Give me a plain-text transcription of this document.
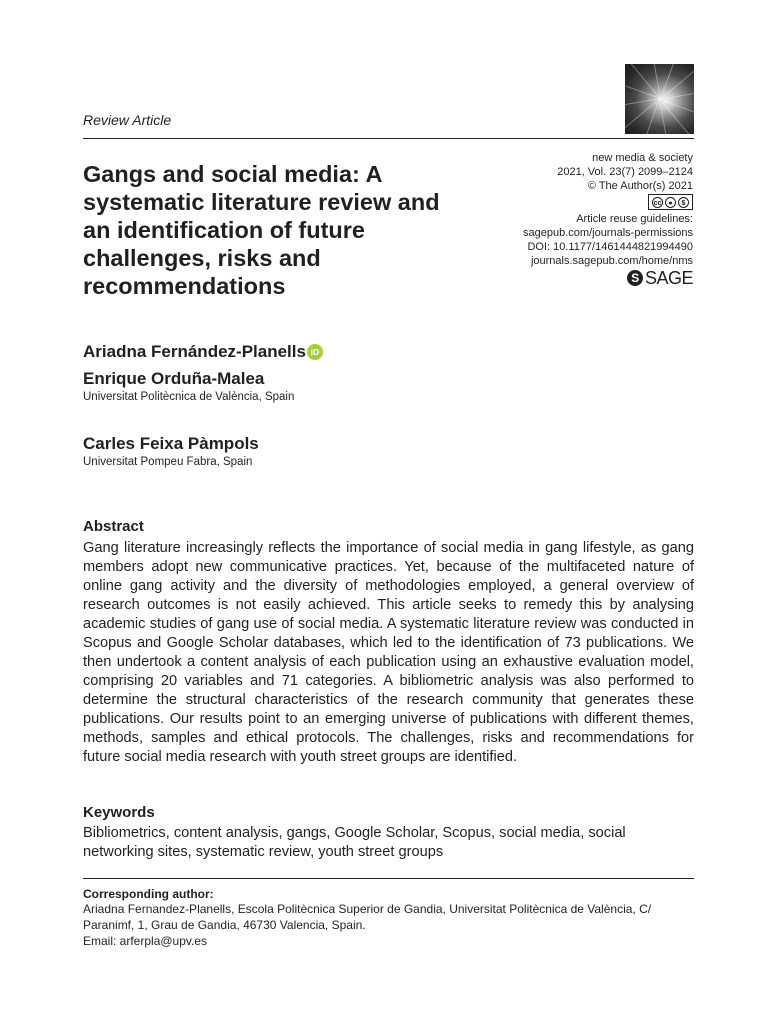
Review Article
new media & society
2021, Vol. 23(7) 2099–2124
© The Author(s) 2021
cc ●	$
Article reuse guidelines:
sagepub.com/journals-permissions
DOI: 10.1177/1461444821994490
journals.sagepub.com/home/nms
S SAGE
Gangs and social media: A systematic literature review and an identification of future challenges, risks and recommendations
Ariadna Fernández-Planells iD
Enrique Orduña-Malea
Universitat Politècnica de València, Spain
Carles Feixa Pàmpols
Universitat Pompeu Fabra, Spain
Abstract
Gang literature increasingly reflects the importance of social media in gang lifestyle, as gang members adopt new communicative practices. Yet, because of the multifaceted nature of online gang activity and the diversity of methodologies employed, a general overview of research outcomes is not easily achieved. This article seeks to remedy this by analysing academic studies of gang use of social media. A systematic literature review was conducted in Scopus and Google Scholar databases, which led to the identification of 73 publications. We then undertook a content analysis of each publication using an exhaustive evaluation model, comprising 20 variables and 71 categories. A bibliometric analysis was also performed to determine the structural characteristics of the research community that generates these publications. Our results point to an emerging universe of publications with different themes, methods, samples and ethical protocols. The challenges, risks and recommendations for future social media research with youth street groups are identified.
Keywords
Bibliometrics, content analysis, gangs, Google Scholar, Scopus, social media, social networking sites, systematic review, youth street groups
Corresponding author:
Ariadna Fernandez-Planells, Escola Politècnica Superior de Gandia, Universitat Politècnica de València, C/
Paranimf, 1, Grau de Gandia, 46730 Valencia, Spain.
Email: arferpla@upv.es
